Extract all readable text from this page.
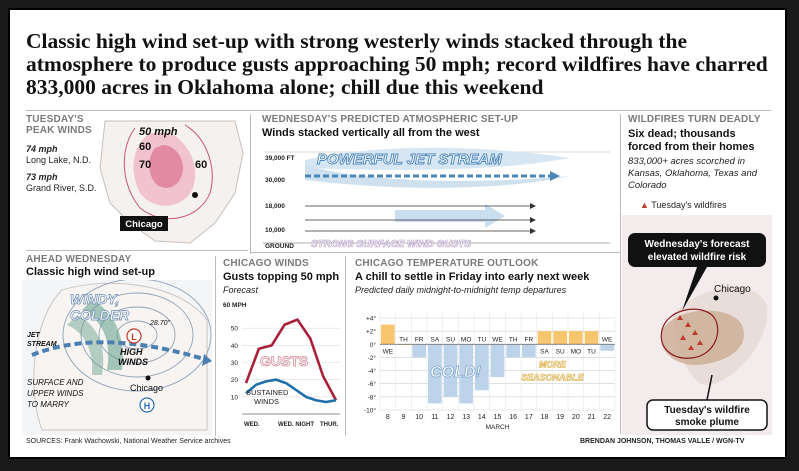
Classic high wind set-up with strong westerly winds stacked through the atmosphere to produce gusts approaching 50 mph; record wildfires have charred 833,000 acres in Oklahoma alone; chill due this weekend
TUESDAY'S
PEAK WINDS
74 mph
Long Lake, N.D.
73 mph
Grand River, S.D.
50 mph
60
70	60
Chicago
WEDNESDAY'S PREDICTED ATMOSPHERIC SET-UP
Winds stacked vertically all from the west
POWERFUL JET STREAM
STRONG SURFACE WIND GUSTS
39,000 FT
30,000
18,000
10,000
GROUND
WILDFIRES TURN DEADLY
Six dead; thousands
forced from their homes
833,000+ acres scorched in Kansas, Oklahoma, Texas and Colorado
▲ Tuesday's wildfires
Chicago
Wednesday's forecast
elevated wildfire risk
Tuesday's wildfire
smoke plume
AHEAD WEDNESDAY
Classic high wind set-up
WINDY,
COLDER
L
28.70"
JET
STREAM
HIGH
WINDS
Chicago
SURFACE AND
UPPER WINDS
TO MARRY	H
CHICAGO WINDS
Gusts topping 50 mph
Forecast
60 MPH
10
20
30
40
50
GUSTS
SUSTAINED
WINDS
WED.	WED. NIGHT THUR.
CHICAGO TEMPERATURE OUTLOOK
A chill to settle in Friday into early next week
Predicted daily midnight-to-midnight temp departures
+4°
+2°
0°
-2°
-4°
-6°
-8°
-10°
WE
TH FR SA SU MO TU WE TH FR
SA SU MO TU
WE
8 9 10 11 12 13 14 15 16 17 18 19 20 21 22
MARCH
COLD!	MORE
SEASONABLE
SOURCES: Frank Wachowski, National Weather Service archives	BRENDAN JOHNSON, THOMAS VALLE / WGN-TV
